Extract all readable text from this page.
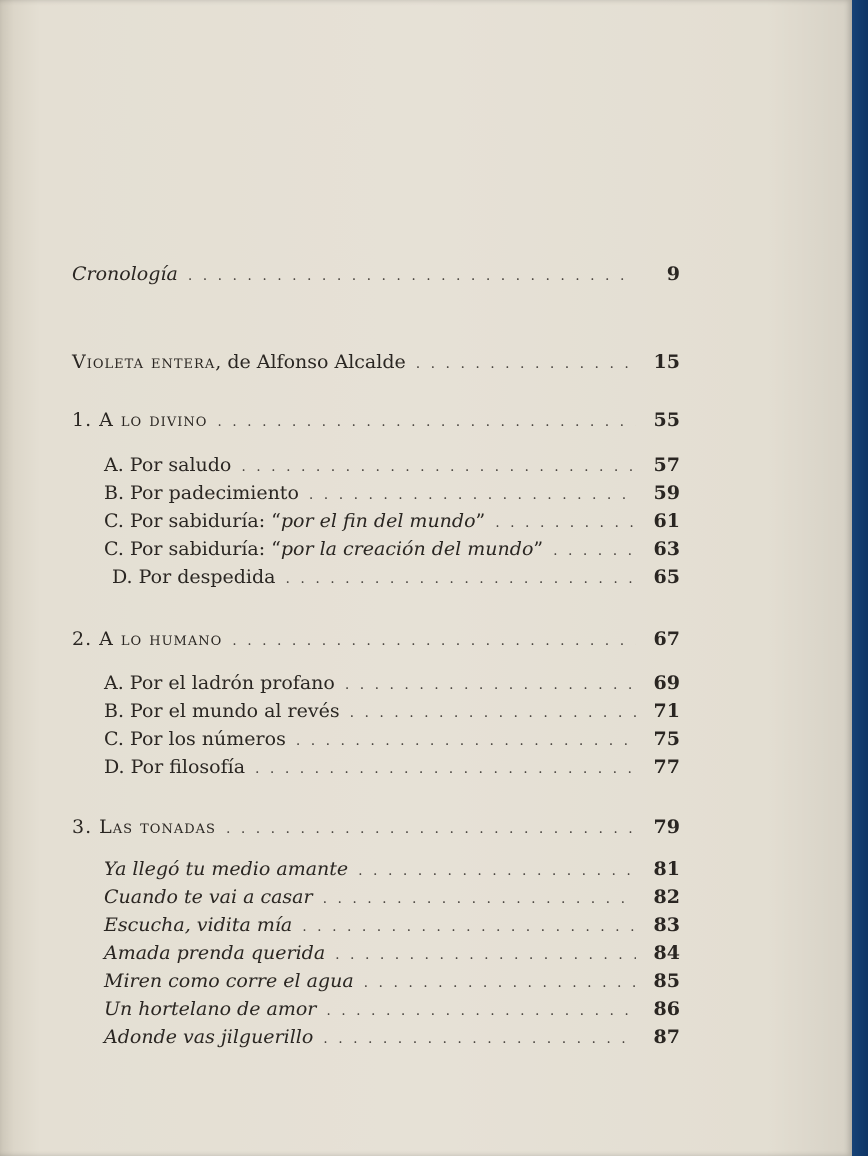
Cronología . . .	9
Violeta entera, de Alfonso Alcalde . . .	15
1. A lo divino . . .	55
A. Por saludo . . .	57
B. Por padecimiento . . .	59
C. Por sabiduría: “por el fin del mundo” . . .	61
C. Por sabiduría: “por la creación del mundo” . . .	63
D. Por despedida . . .	65
2. A lo humano . . .	67
A. Por el ladrón profano . . .	69
B. Por el mundo al revés . . .	71
C. Por los números . . .	75
D. Por filosofía . . .	77
3. Las tonadas . . .	79
Ya llegó tu medio amante . . .	81
Cuando te vai a casar . . .	82
Escucha, vidita mía . . .	83
Amada prenda querida . . .	84
Miren como corre el agua . . .	85
Un hortelano de amor . . .	86
Adonde vas jilguerillo . . .	87
